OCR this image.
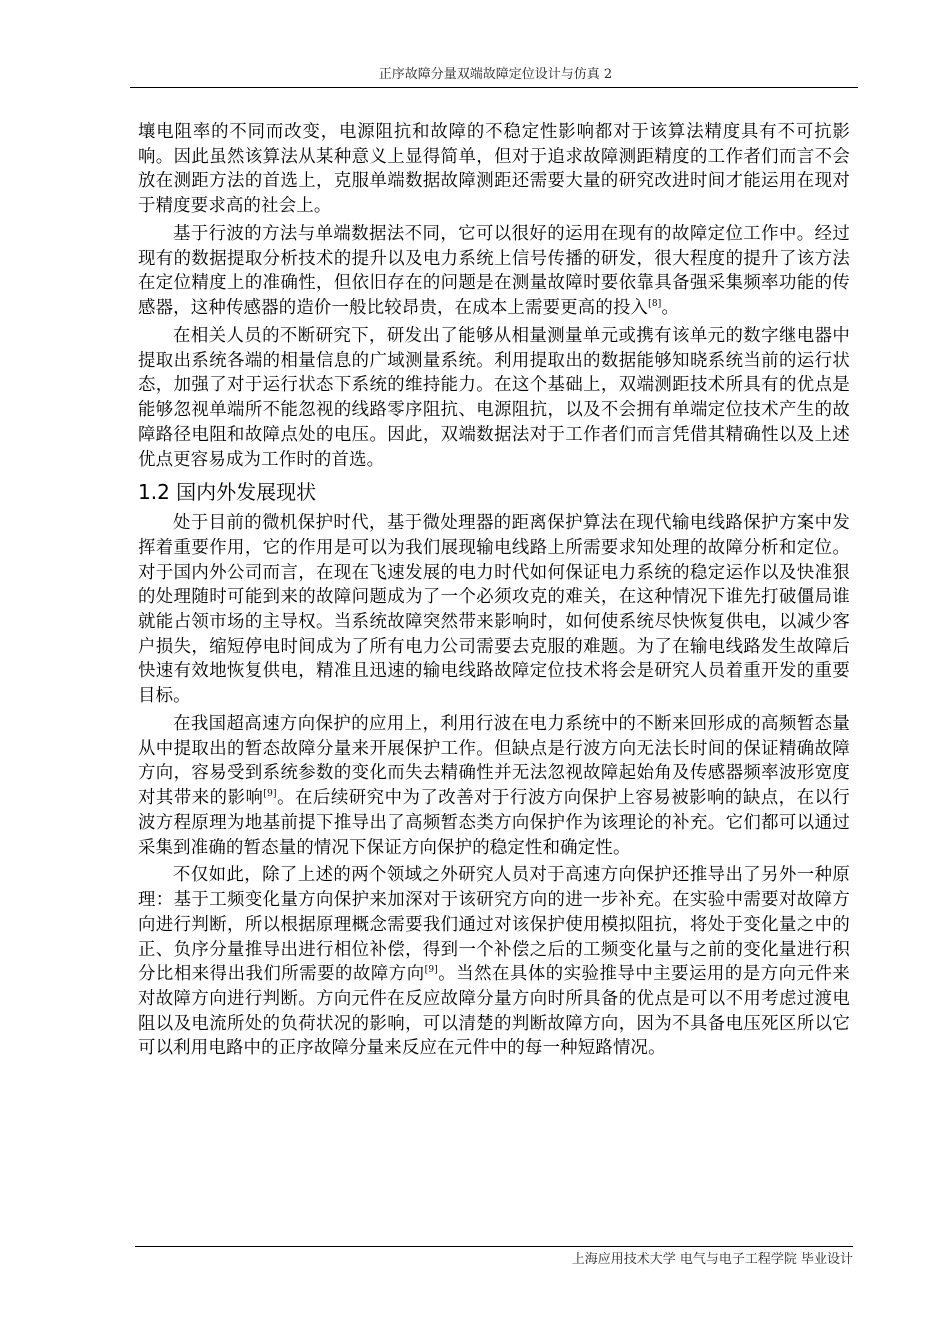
正序故障分量双端故障定位设计与仿真 2

壤电阻率的不同而改变，电源阻抗和故障的不稳定性影响都对于该算法精度具有不可抗影响。因此虽然该算法从某种意义上显得简单，但对于追求故障测距精度的工作者们而言不会放在测距方法的首选上，克服单端数据故障测距还需要大量的研究改进时间才能运用在现对于精度要求高的社会上。

基于行波的方法与单端数据法不同，它可以很好的运用在现有的故障定位工作中。经过现有的数据提取分析技术的提升以及电力系统上信号传播的研发，很大程度的提升了该方法在定位精度上的准确性，但依旧存在的问题是在测量故障时要依靠具备强采集频率功能的传感器，这种传感器的造价一般比较昂贵，在成本上需要更高的投入[8]。

在相关人员的不断研究下，研发出了能够从相量测量单元或携有该单元的数字继电器中提取出系统各端的相量信息的广域测量系统。利用提取出的数据能够知晓系统当前的运行状态，加强了对于运行状态下系统的维持能力。在这个基础上，双端测距技术所具有的优点是能够忽视单端所不能忽视的线路零序阻抗、电源阻抗，以及不会拥有单端定位技术产生的故障路径电阻和故障点处的电压。因此，双端数据法对于工作者们而言凭借其精确性以及上述优点更容易成为工作时的首选。

1.2 国内外发展现状

处于目前的微机保护时代，基于微处理器的距离保护算法在现代输电线路保护方案中发挥着重要作用，它的作用是可以为我们展现输电线路上所需要求知处理的故障分析和定位。对于国内外公司而言，在现在飞速发展的电力时代如何保证电力系统的稳定运作以及快准狠的处理随时可能到来的故障问题成为了一个必须攻克的难关，在这种情况下谁先打破僵局谁就能占领市场的主导权。当系统故障突然带来影响时，如何使系统尽快恢复供电，以减少客户损失，缩短停电时间成为了所有电力公司需要去克服的难题。为了在输电线路发生故障后快速有效地恢复供电，精准且迅速的输电线路故障定位技术将会是研究人员着重开发的重要目标。

在我国超高速方向保护的应用上，利用行波在电力系统中的不断来回形成的高频暂态量从中提取出的暂态故障分量来开展保护工作。但缺点是行波方向无法长时间的保证精确故障方向，容易受到系统参数的变化而失去精确性并无法忽视故障起始角及传感器频率波形宽度对其带来的影响[9]。在后续研究中为了改善对于行波方向保护上容易被影响的缺点，在以行波方程原理为地基前提下推导出了高频暂态类方向保护作为该理论的补充。它们都可以通过采集到准确的暂态量的情况下保证方向保护的稳定性和确定性。

不仅如此，除了上述的两个领域之外研究人员对于高速方向保护还推导出了另外一种原理：基于工频变化量方向保护来加深对于该研究方向的进一步补充。在实验中需要对故障方向进行判断，所以根据原理概念需要我们通过对该保护使用模拟阻抗，将处于变化量之中的正、负序分量推导出进行相位补偿，得到一个补偿之后的工频变化量与之前的变化量进行积分比相来得出我们所需要的故障方向[9]。当然在具体的实验推导中主要运用的是方向元件来对故障方向进行判断。方向元件在反应故障分量方向时所具备的优点是可以不用考虑过渡电阻以及电流所处的负荷状况的影响，可以清楚的判断故障方向，因为不具备电压死区所以它可以利用电路中的正序故障分量来反应在元件中的每一种短路情况。

上海应用技术大学 电气与电子工程学院 毕业设计
